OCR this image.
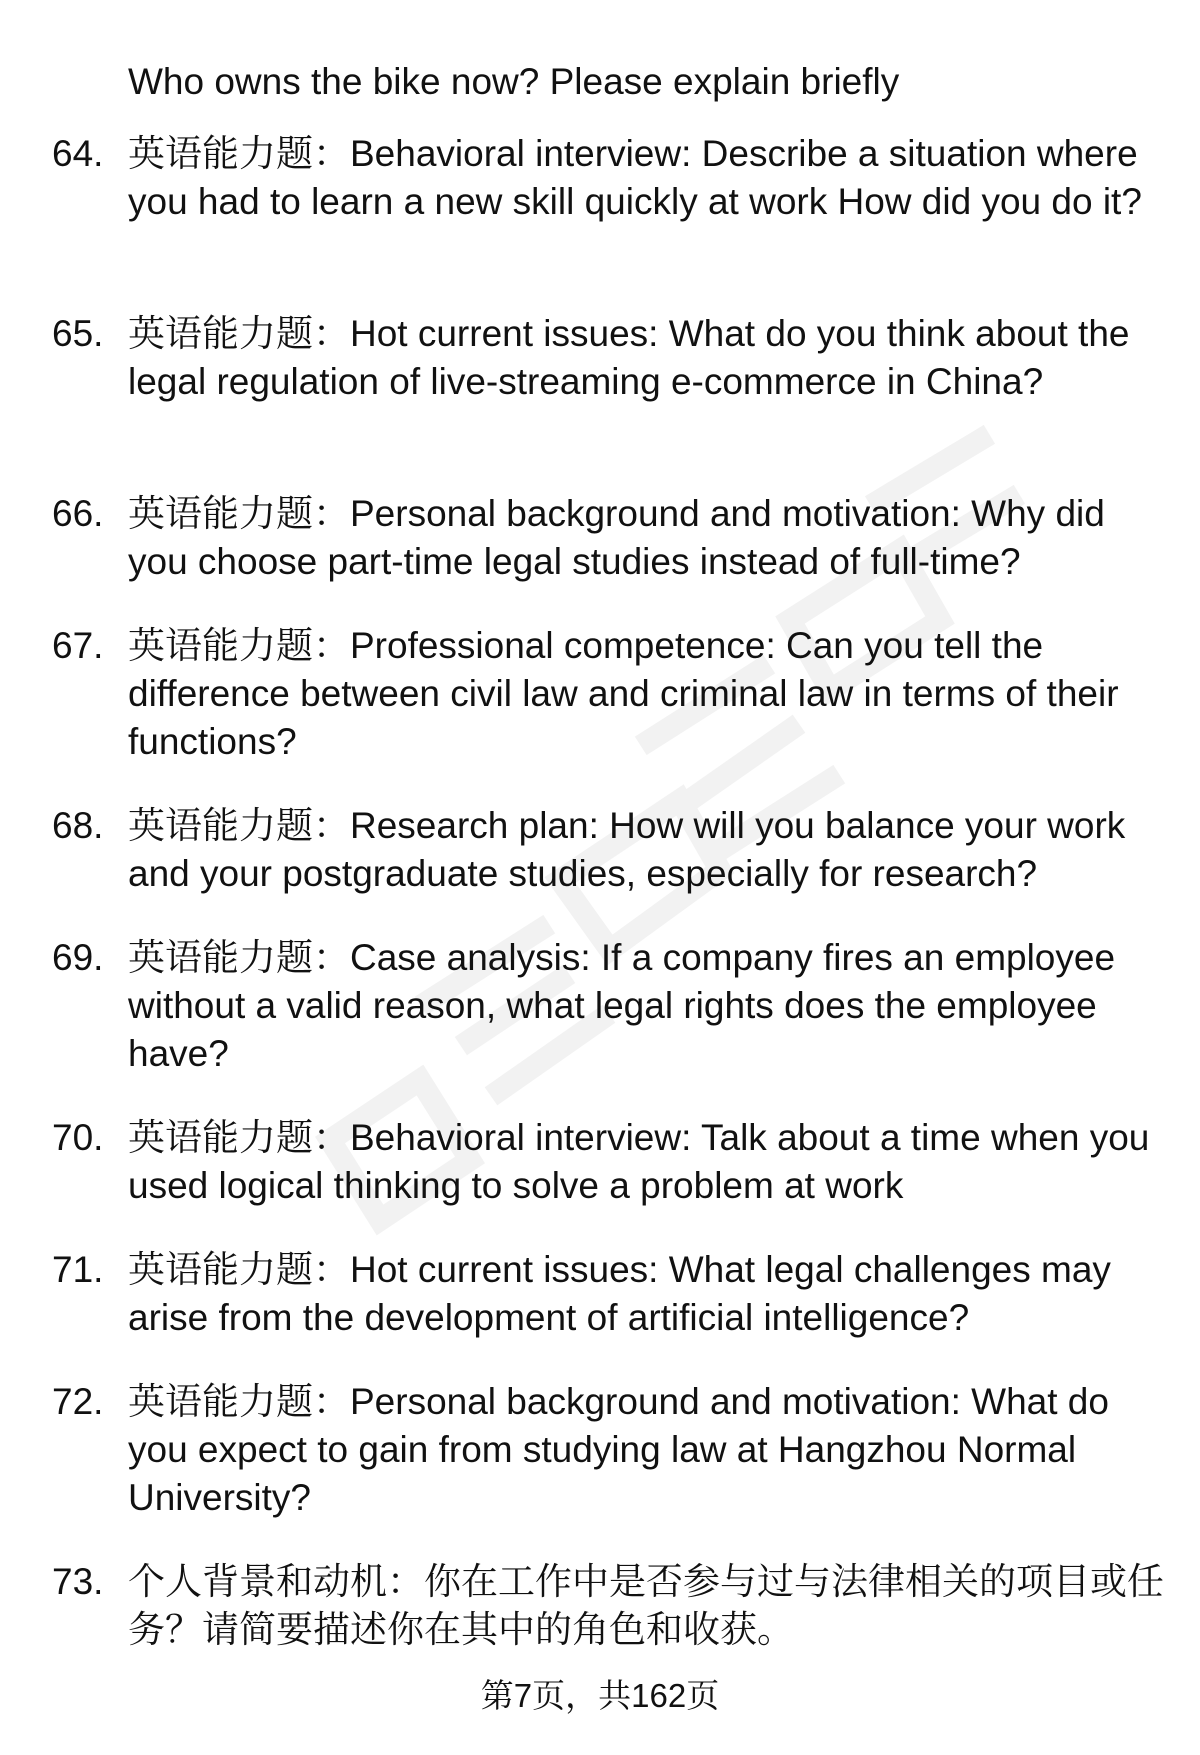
Who owns the bike now? Please explain briefly
64. 英语能力题：Behavioral interview: Describe a situation where you had to learn a new skill quickly at work How did you do it?
65. 英语能力题：Hot current issues: What do you think about the legal regulation of live-streaming e-commerce in China?
66. 英语能力题：Personal background and motivation: Why did you choose part-time legal studies instead of full-time?
67. 英语能力题：Professional competence: Can you tell the difference between civil law and criminal law in terms of their functions?
68. 英语能力题：Research plan: How will you balance your work and your postgraduate studies, especially for research?
69. 英语能力题：Case analysis: If a company fires an employee without a valid reason, what legal rights does the employee have?
70. 英语能力题：Behavioral interview: Talk about a time when you used logical thinking to solve a problem at work
71. 英语能力题：Hot current issues: What legal challenges may arise from the development of artificial intelligence?
72. 英语能力题：Personal background and motivation: What do you expect to gain from studying law at Hangzhou Normal University?
73. 个人背景和动机：你在工作中是否参与过与法律相关的项目或任务？请简要描述你在其中的角色和收获。
第7页，共162页
